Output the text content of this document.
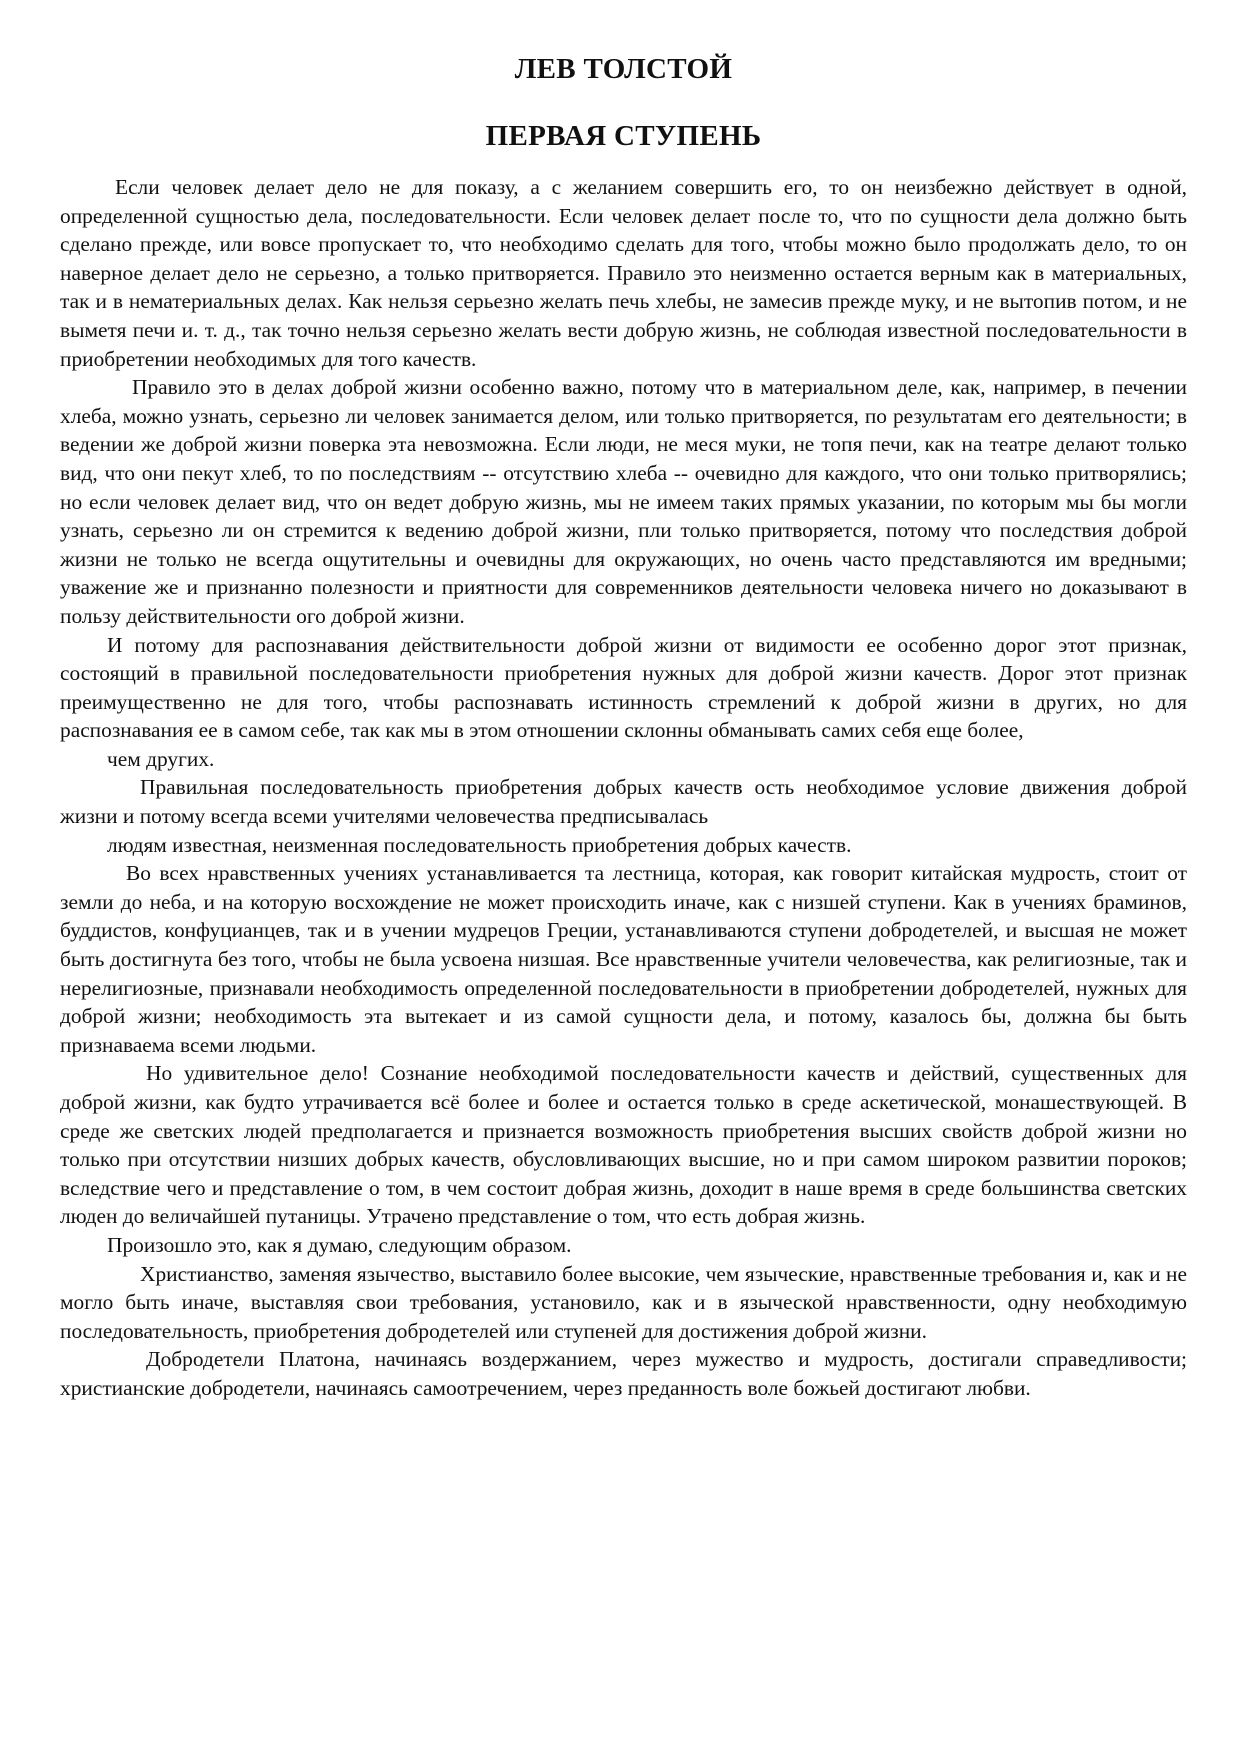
ЛЕВ ТОЛСТОЙ
ПЕРВАЯ СТУПЕНЬ

Если человек делает дело не для показу, а с желанием совершить его, то он неизбежно действует в одной, определенной сущностью дела, последовательности. Если человек делает после то, что по сущности дела должно быть сделано прежде, или вовсе пропускает то, что необходимо сделать для того, чтобы можно было продолжать дело, то он наверное делает дело не серьезно, а только притворяется. Правило это неизменно остается верным как в материальных, так и в нематериальных делах. Как нельзя серьезно желать печь хлебы, не замесив прежде муку, и не вытопив потом, и не выметя печи и. т. д., так точно нельзя серьезно желать вести добрую жизнь, не соблюдая известной последовательности в приобретении необходимых для того качеств.

Правило это в делах доброй жизни особенно важно, потому что в материальном деле, как, например, в печении хлеба, можно узнать, серьезно ли человек занимается делом, или только притворяется, по результатам его деятельности; в ведении же доброй жизни поверка эта невозможна. Если люди, не меся муки, не топя печи, как на театре делают только вид, что они пекут хлеб, то по последствиям -- отсутствию хлеба -- очевидно для каждого, что они только притворялись; но если человек делает вид, что он ведет добрую жизнь, мы не имеем таких прямых указании, по которым мы бы могли узнать, серьезно ли он стремится к ведению доброй жизни, пли только притворяется, потому что последствия доброй жизни не только не всегда ощутительны и очевидны для окружающих, но очень часто представляются им вредными; уважение же и признанно полезности и приятности для современников деятельности человека ничего но доказывают в пользу действительности ого доброй жизни.

И потому для распознавания действительности доброй жизни от видимости ее особенно дорог этот признак, состоящий в правильной последовательности приобретения нужных для доброй жизни качеств. Дорог этот признак преимущественно не для того, чтобы распознавать истинность стремлений к доброй жизни в других, но для распознавания ее в самом себе, так как мы в этом отношении склонны обманывать самих себя еще более,

чем других.

Правильная последовательность приобретения добрых качеств ость необходимое условие движения доброй жизни и потому всегда всеми учителями человечества предписывалась

людям известная, неизменная последовательность приобретения добрых качеств.

Во всех нравственных учениях устанавливается та лестница, которая, как говорит китайская мудрость, стоит от земли до неба, и на которую восхождение не может происходить иначе, как с низшей ступени. Как в учениях браминов, буддистов, конфуцианцев, так и в учении мудрецов Греции, устанавливаются ступени добродетелей, и высшая не может быть достигнута без того, чтобы не была усвоена низшая. Все нравственные учители человечества, как религиозные, так и нерелигиозные, признавали необходимость определенной последовательности в приобретении добродетелей, нужных для доброй жизни; необходимость эта вытекает и из самой сущности дела, и потому, казалось бы, должна бы быть признаваема всеми людьми.

Но удивительное дело! Сознание необходимой последовательности качеств и действий, существенных для доброй жизни, как будто утрачивается всё более и более и остается только в среде аскетической, монашествующей. В среде же светских людей предполагается и признается возможность приобретения высших свойств доброй жизни но только при отсутствии низших добрых качеств, обусловливающих высшие, но и при самом широком развитии пороков; вследствие чего и представление о том, в чем состоит добрая жизнь, доходит в наше время в среде большинства светских люден до величайшей путаницы. Утрачено представление о том, что есть добрая жизнь.

Произошло это, как я думаю, следующим образом.

Христианство, заменяя язычество, выставило более высокие, чем языческие, нравственные требования и, как и не могло быть иначе, выставляя свои требования, установило, как и в языческой нравственности, одну необходимую последовательность, приобретения добродетелей или ступеней для достижения доброй жизни.

Добродетели Платона, начинаясь воздержанием, через мужество и мудрость, достигали справедливости; христианские добродетели, начинаясь самоотречением, через преданность воле божьей достигают любви.
